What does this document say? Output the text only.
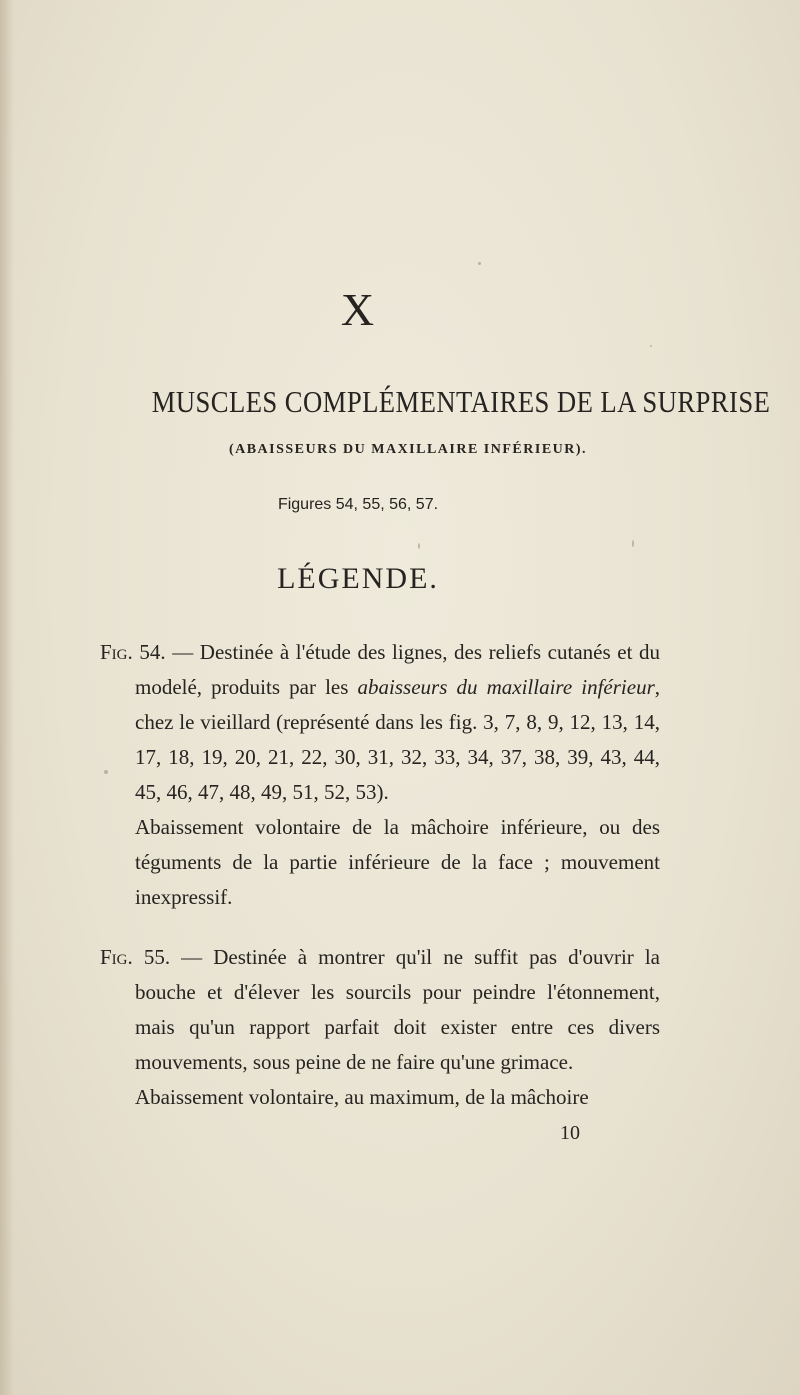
X
MUSCLES COMPLÉMENTAIRES DE LA SURPRISE
(ABAISSEURS DU MAXILLAIRE INFÉRIEUR).
Figures 54, 55, 56, 57.
LÉGENDE.

Fig. 54. — Destinée à l'étude des lignes, des reliefs cutanés et du modelé, produits par les abaisseurs du maxillaire inférieur, chez le vieillard (représenté dans les fig. 3, 7, 8, 9, 12, 13, 14, 17, 18, 19, 20, 21, 22, 30, 31, 32, 33, 34, 37, 38, 39, 43, 44, 45, 46, 47, 48, 49, 51, 52, 53).

Abaissement volontaire de la mâchoire inférieure, ou des téguments de la partie inférieure de la face ; mouvement inexpressif.

Fig. 55. — Destinée à montrer qu'il ne suffit pas d'ouvrir la bouche et d'élever les sourcils pour peindre l'étonnement, mais qu'un rapport parfait doit exister entre ces divers mouvements, sous peine de ne faire qu'une grimace.

Abaissement volontaire, au maximum, de la mâchoire

10
